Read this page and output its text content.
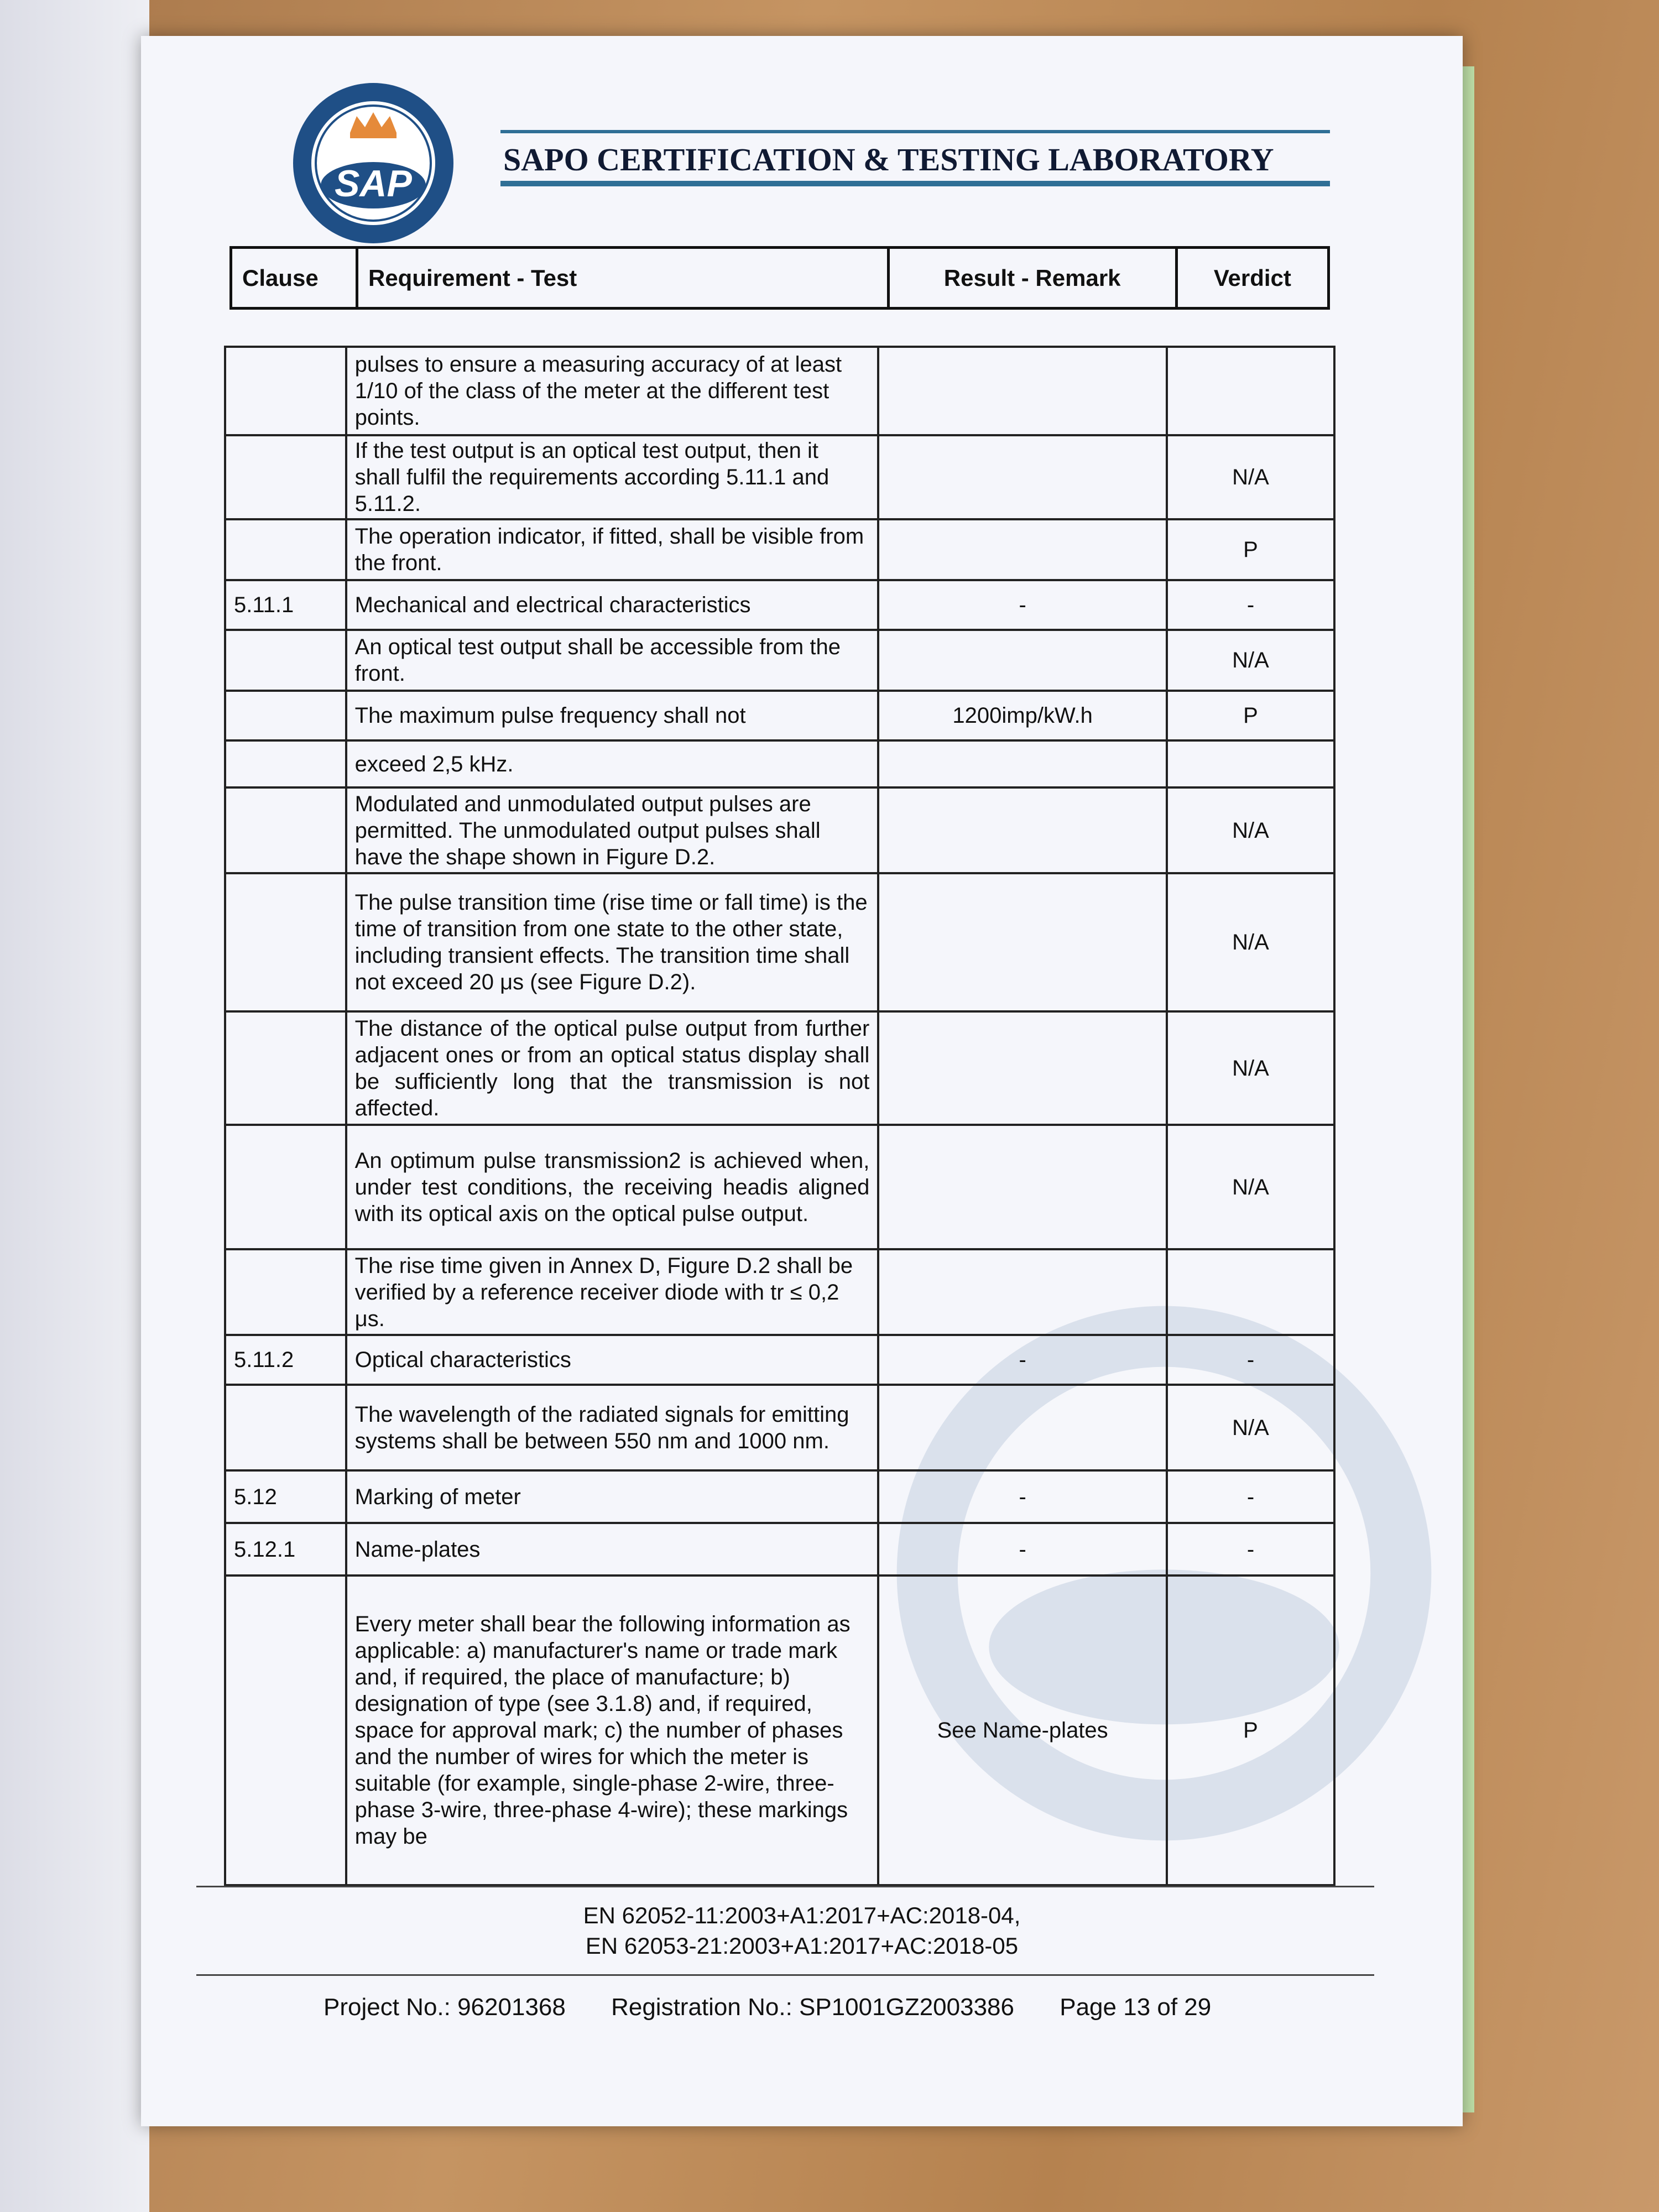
SAP
SAPO CERTIFICATION & TESTING LABORATORY
Clause	Requirement - Test	Result - Remark	Verdict
	pulses to ensure a measuring accuracy of at least 1/10 of the class of the meter at the different test points.		
	If the test output is an optical test output, then it shall fulfil the requirements according 5.11.1 and 5.11.2.		N/A
	The operation indicator, if fitted, shall be visible from the front.		P
5.11.1	Mechanical and electrical characteristics	-	-
	An optical test output shall be accessible from the front.		N/A
	The maximum pulse frequency shall not	1200imp/kW.h	P
	exceed 2,5 kHz.		
	Modulated and unmodulated output pulses are permitted. The unmodulated output pulses shall have the shape shown in Figure D.2.		N/A
	The pulse transition time (rise time or fall time) is the time of transition from one state to the other state, including transient effects. The transition time shall not exceed 20 μs (see Figure D.2).		N/A
	The distance of the optical pulse output from further adjacent ones or from an optical status display shall be sufficiently long that the transmission is not affected.		N/A
	An optimum pulse transmission2 is achieved when, under test conditions, the receiving headis aligned with its optical axis on the optical pulse output.		N/A
	The rise time given in Annex D, Figure D.2 shall be verified by a reference receiver diode with tr ≤ 0,2 μs.		
5.11.2	Optical characteristics	-	-
	The wavelength of the radiated signals for emitting systems shall be between 550 nm and 1000 nm.		N/A
5.12	Marking of meter	-	-
5.12.1	Name-plates	-	-
	Every meter shall bear the following information as applicable: a) manufacturer's name or trade mark and, if required, the place of manufacture; b) designation of type (see 3.1.8) and, if required, space for approval mark; c) the number of phases and the number of wires for which the meter is suitable (for example, single-phase 2-wire, three-phase 3-wire, three-phase 4-wire); these markings may be	See Name-plates	P
EN 62052-11:2003+A1:2017+AC:2018-04,
EN 62053-21:2003+A1:2017+AC:2018-05
Project No.: 96201368 Registration No.: SP1001GZ2003386 Page 13 of 29
